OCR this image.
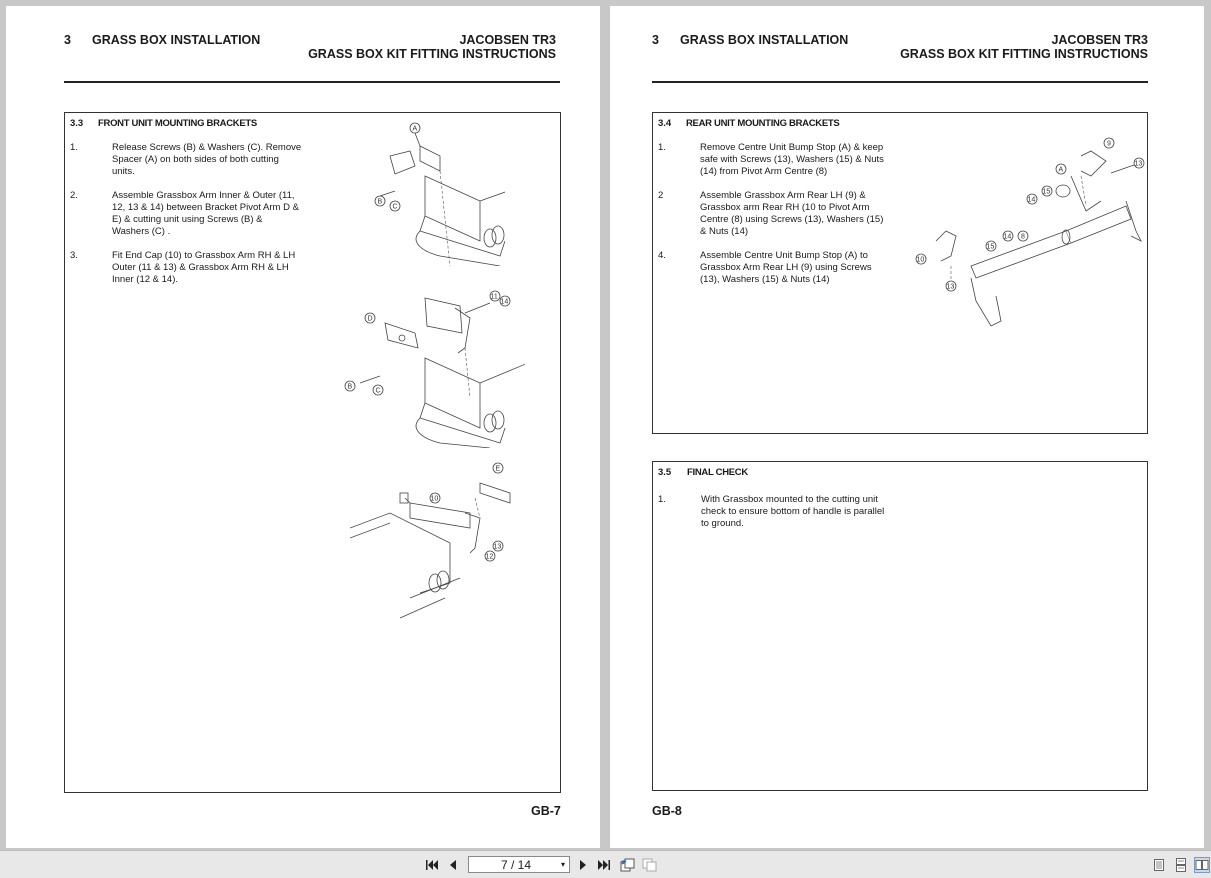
3 GRASS BOX INSTALLATION	JACOBSEN TR3
GRASS BOX KIT FITTING INSTRUCTIONS
3.3 FRONT UNIT MOUNTING BRACKETS
1.	Release Screws (B) & Washers (C). Remove Spacer (A) on both sides of both cutting units.
2.	Assemble Grassbox Arm Inner & Outer (11, 12, 13 & 14) between Bracket Pivot Arm D & E) & cutting unit using Screws (B) & Washers (C) .
3.	Fit End Cap (10) to Grassbox Arm RH & LH Outer (11 & 13) & Grassbox Arm RH & LH Inner (12 & 14).
A
B
C
D
11
14
B
C
E
10
12
13
GB-7
3 GRASS BOX INSTALLATION	JACOBSEN TR3
GRASS BOX KIT FITTING INSTRUCTIONS
3.4 REAR UNIT MOUNTING BRACKETS
1.	Remove Centre Unit Bump Stop (A) & keep safe with Screws (13), Washers (15) & Nuts (14) from Pivot Arm Centre (8)
2	Assemble Grassbox Arm Rear LH (9) & Grassbox arm Rear RH (10 to Pivot Arm Centre (8) using Screws (13), Washers (15) & Nuts (14)
4.	Assemble Centre Unit Bump Stop (A) to Grassbox Arm Rear LH (9) using Screws (13), Washers (15) & Nuts (14)
9
13
A
15
14
14 8
15
10
13
3.5 FINAL CHECK
1.	With Grassbox mounted to the cutting unit check to ensure bottom of handle is parallel to ground.
GB-8
7 / 14	▾
